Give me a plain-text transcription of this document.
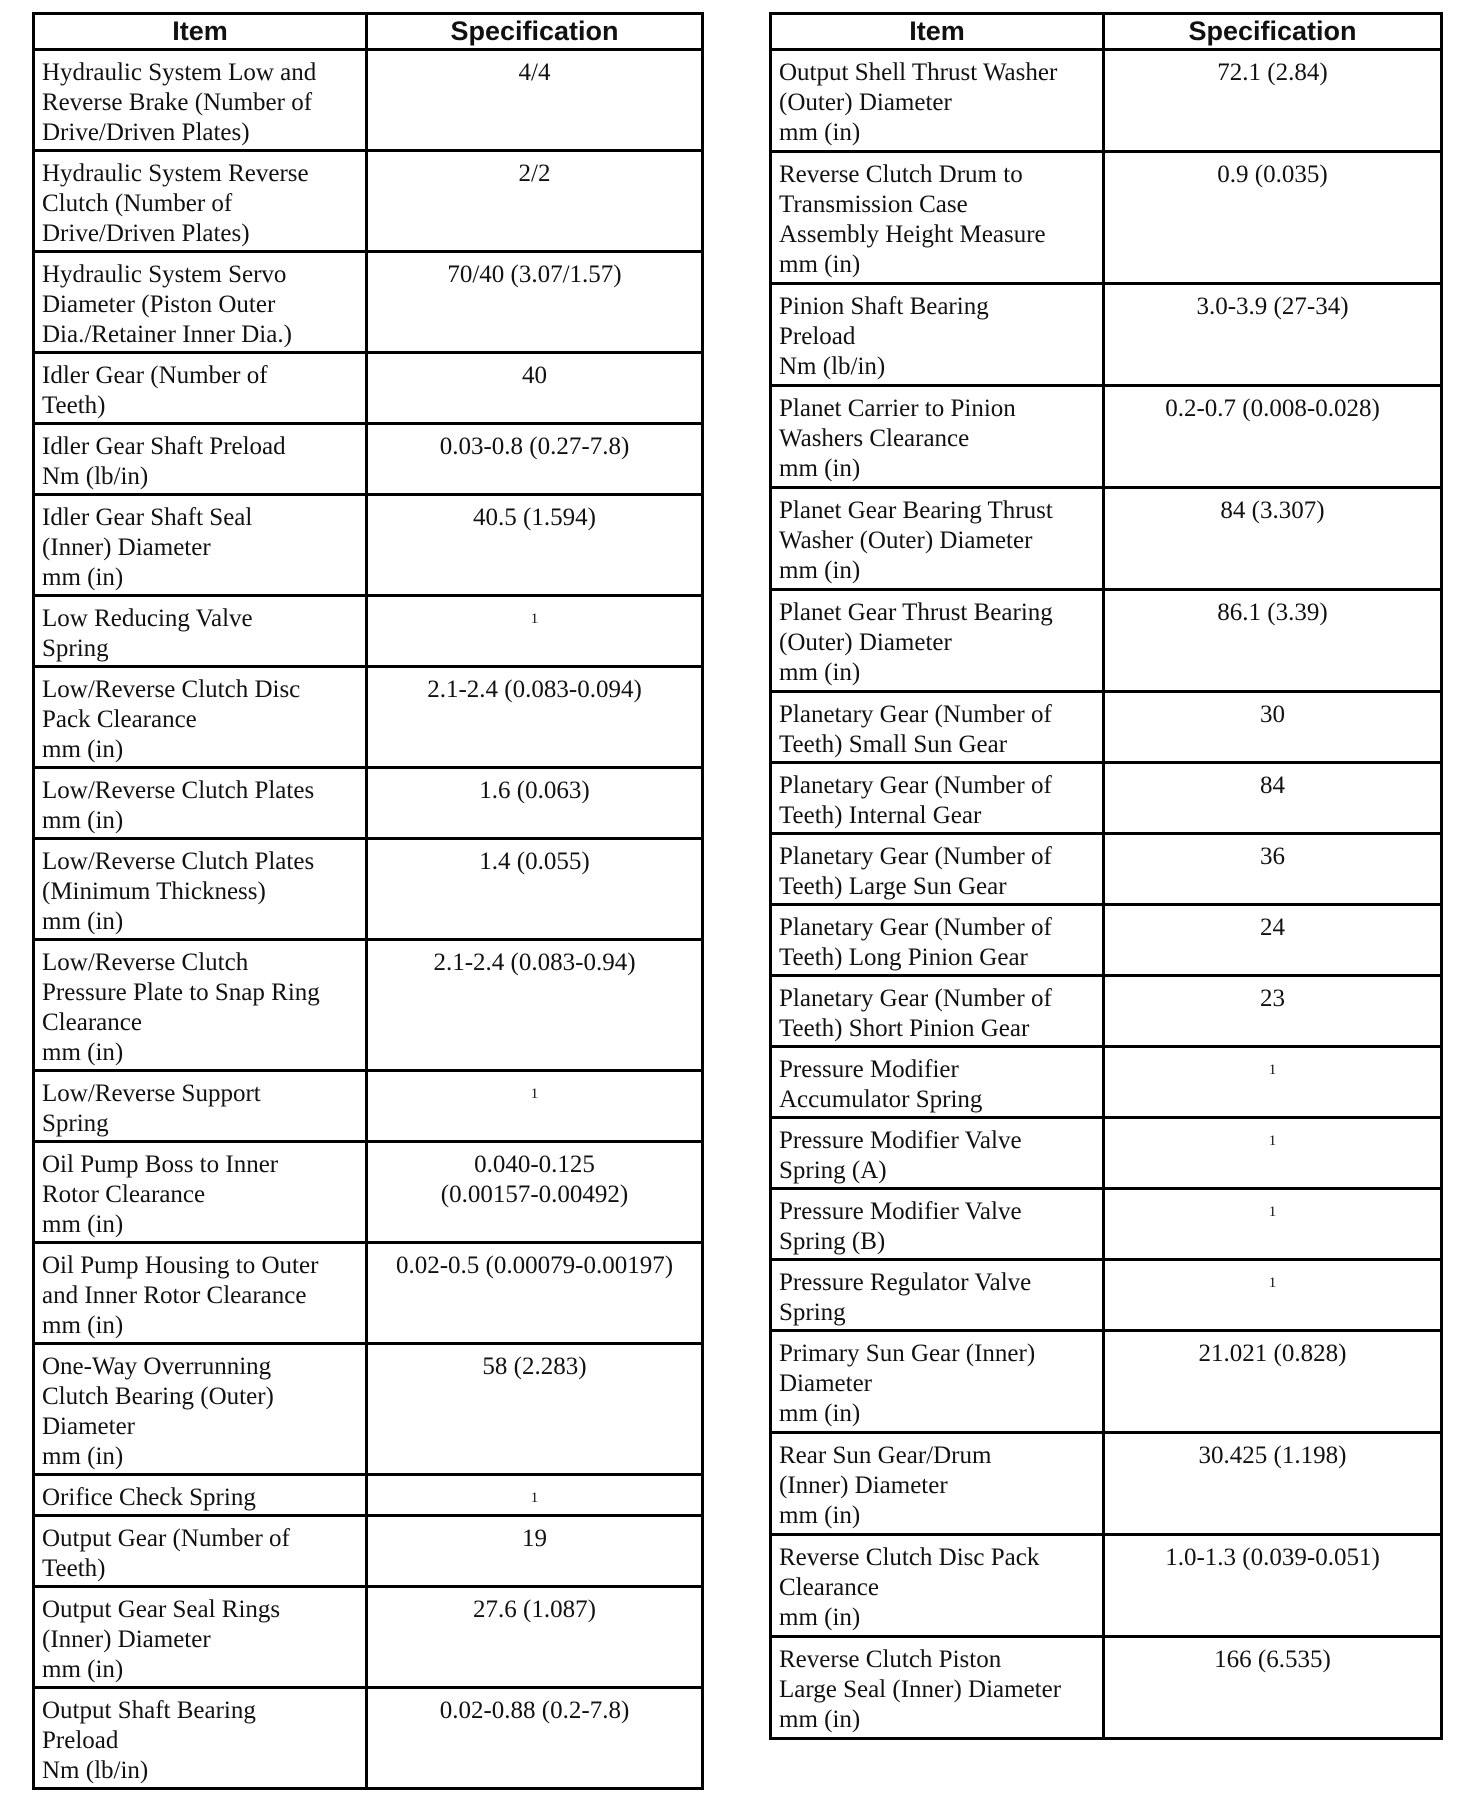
Item	Specification
Hydraulic System Low and
Reverse Brake (Number of
Drive/Driven Plates)	4/4
Hydraulic System Reverse
Clutch (Number of
Drive/Driven Plates)	2/2
Hydraulic System Servo
Diameter (Piston Outer
Dia./Retainer Inner Dia.)	70/40 (3.07/1.57)
Idler Gear (Number of
Teeth)	40
Idler Gear Shaft Preload
Nm (lb/in)	0.03-0.8 (0.27-7.8)
Idler Gear Shaft Seal
(Inner) Diameter
mm (in)	40.5 (1.594)
Low Reducing Valve
Spring	1
Low/Reverse Clutch Disc
Pack Clearance
mm (in)	2.1-2.4 (0.083-0.094)
Low/Reverse Clutch Plates
mm (in)	1.6 (0.063)
Low/Reverse Clutch Plates
(Minimum Thickness)
mm (in)	1.4 (0.055)
Low/Reverse Clutch
Pressure Plate to Snap Ring
Clearance
mm (in)	2.1-2.4 (0.083-0.94)
Low/Reverse Support
Spring	1
Oil Pump Boss to Inner
Rotor Clearance
mm (in)	0.040-0.125
(0.00157-0.00492)
Oil Pump Housing to Outer
and Inner Rotor Clearance
mm (in)	0.02-0.5 (0.00079-0.00197)
One-Way Overrunning
Clutch Bearing (Outer)
Diameter
mm (in)	58 (2.283)
Orifice Check Spring	1
Output Gear (Number of
Teeth)	19
Output Gear Seal Rings
(Inner) Diameter
mm (in)	27.6 (1.087)
Output Shaft Bearing
Preload
Nm (lb/in)	0.02-0.88 (0.2-7.8)
Item	Specification
Output Shell Thrust Washer
(Outer) Diameter
mm (in)	72.1 (2.84)
Reverse Clutch Drum to
Transmission Case
Assembly Height Measure
mm (in)	0.9 (0.035)
Pinion Shaft Bearing
Preload
Nm (lb/in)	3.0-3.9 (27-34)
Planet Carrier to Pinion
Washers Clearance
mm (in)	0.2-0.7 (0.008-0.028)
Planet Gear Bearing Thrust
Washer (Outer) Diameter
mm (in)	84 (3.307)
Planet Gear Thrust Bearing
(Outer) Diameter
mm (in)	86.1 (3.39)
Planetary Gear (Number of
Teeth) Small Sun Gear	30
Planetary Gear (Number of
Teeth) Internal Gear	84
Planetary Gear (Number of
Teeth) Large Sun Gear	36
Planetary Gear (Number of
Teeth) Long Pinion Gear	24
Planetary Gear (Number of
Teeth) Short Pinion Gear	23
Pressure Modifier
Accumulator Spring	1
Pressure Modifier Valve
Spring (A)	1
Pressure Modifier Valve
Spring (B)	1
Pressure Regulator Valve
Spring	1
Primary Sun Gear (Inner)
Diameter
mm (in)	21.021 (0.828)
Rear Sun Gear/Drum
(Inner) Diameter
mm (in)	30.425 (1.198)
Reverse Clutch Disc Pack
Clearance
mm (in)	1.0-1.3 (0.039-0.051)
Reverse Clutch Piston
Large Seal (Inner) Diameter
mm (in)	166 (6.535)
